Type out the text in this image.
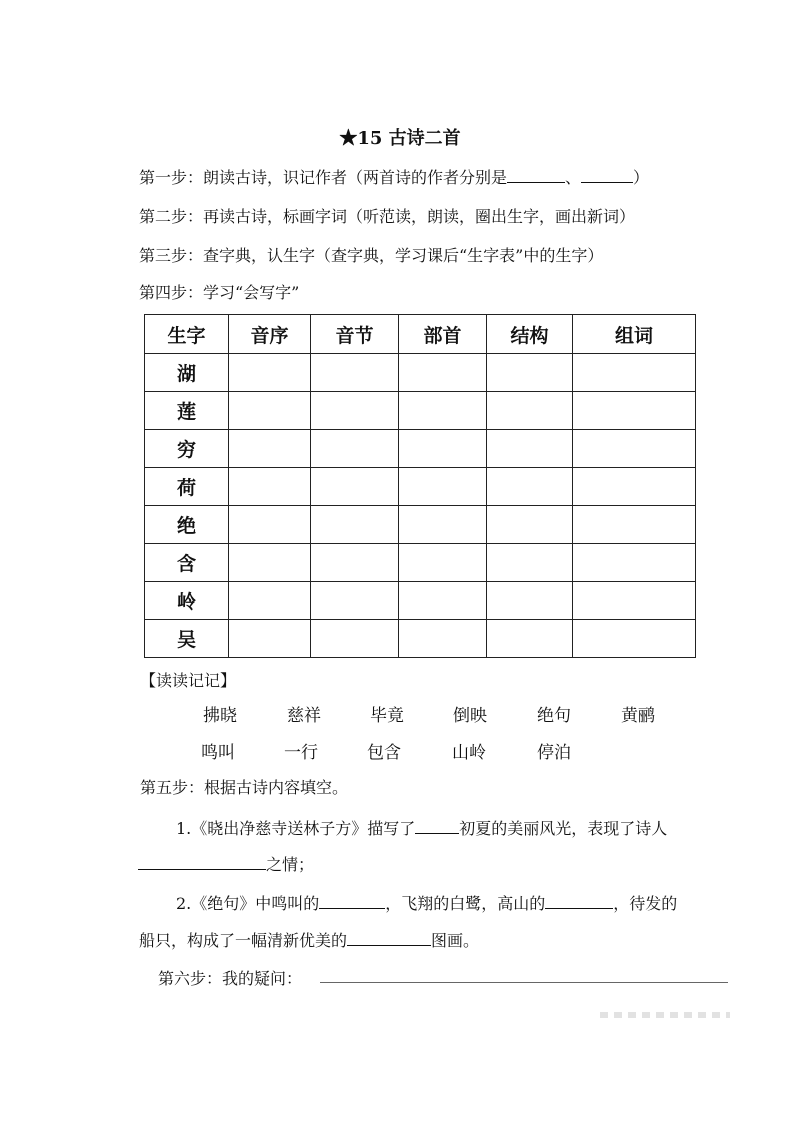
★15 古诗二首
第一步：朗读古诗，识记作者（两首诗的作者分别是	、	）
第二步：再读古诗，标画字词（听范读，朗读，圈出生字，画出新词）
第三步：查字典，认生字（查字典，学习课后“生字表”中的生字）
第四步：学习“会写字”
生字	音序	音节	部首	结构	组词
湖					
莲					
穷					
荷					
绝					
含					
岭					
吴					
【读读记记】
拂晓	慈祥	毕竟	倒映	绝句	黄鹂
鸣叫	一行	包含	山岭	停泊
第五步：根据古诗内容填空。
1.《晓出净慈寺送林子方》描写了	初夏的美丽风光，表现了诗人
之情；
2.《绝句》中鸣叫的	，飞翔的白鹭，高山的	，待发的
船只，构成了一幅清新优美的	图画。
第六步：我的疑问：
